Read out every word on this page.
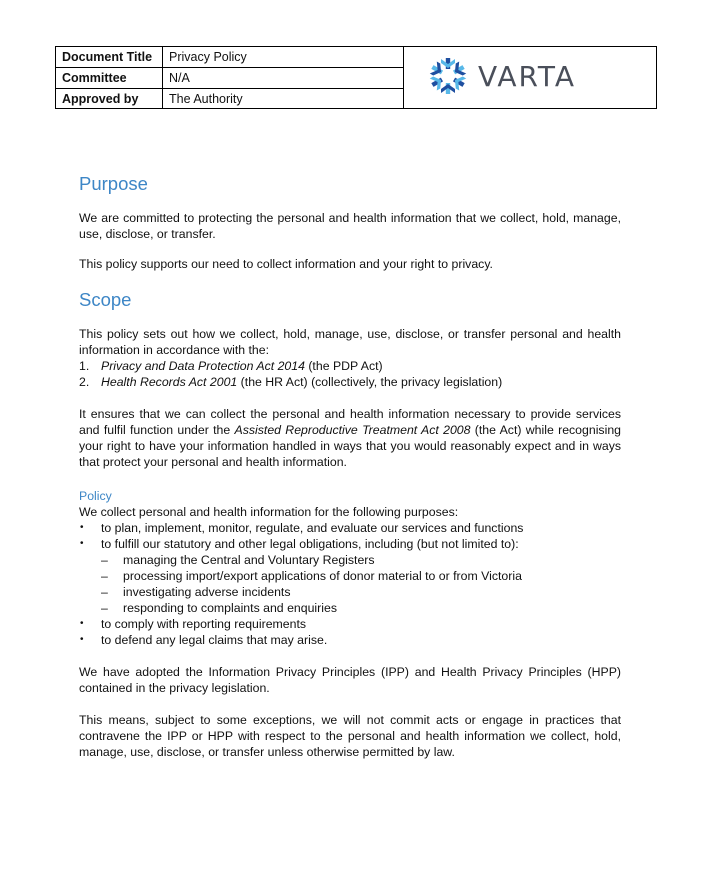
Document Title	Privacy Policy
Committee	N/A
Approved by	The Authority
VARTA
Purpose

We are committed to protecting the personal and health information that we collect, hold, manage, use, disclose, or transfer.

This policy supports our need to collect information and your right to privacy.

Scope

This policy sets out how we collect, hold, manage, use, disclose, or transfer personal and health information in accordance with the:

1. Privacy and Data Protection Act 2014 (the PDP Act)
2. Health Records Act 2001 (the HR Act) (collectively, the privacy legislation)

It ensures that we can collect the personal and health information necessary to provide services and fulfil function under the Assisted Reproductive Treatment Act 2008 (the Act) while recognising your right to have your information handled in ways that you would reasonably expect and in ways that protect your personal and health information.

Policy

We collect personal and health information for the following purposes:

• to plan, implement, monitor, regulate, and evaluate our services and functions
• to fulfill our statutory and other legal obligations, including (but not limited to):
– managing the Central and Voluntary Registers
– processing import/export applications of donor material to or from Victoria
– investigating adverse incidents
– responding to complaints and enquiries
• to comply with reporting requirements
• to defend any legal claims that may arise.

We have adopted the Information Privacy Principles (IPP) and Health Privacy Principles (HPP) contained in the privacy legislation.

This means, subject to some exceptions, we will not commit acts or engage in practices that contravene the IPP or HPP with respect to the personal and health information we collect, hold, manage, use, disclose, or transfer unless otherwise permitted by law.
